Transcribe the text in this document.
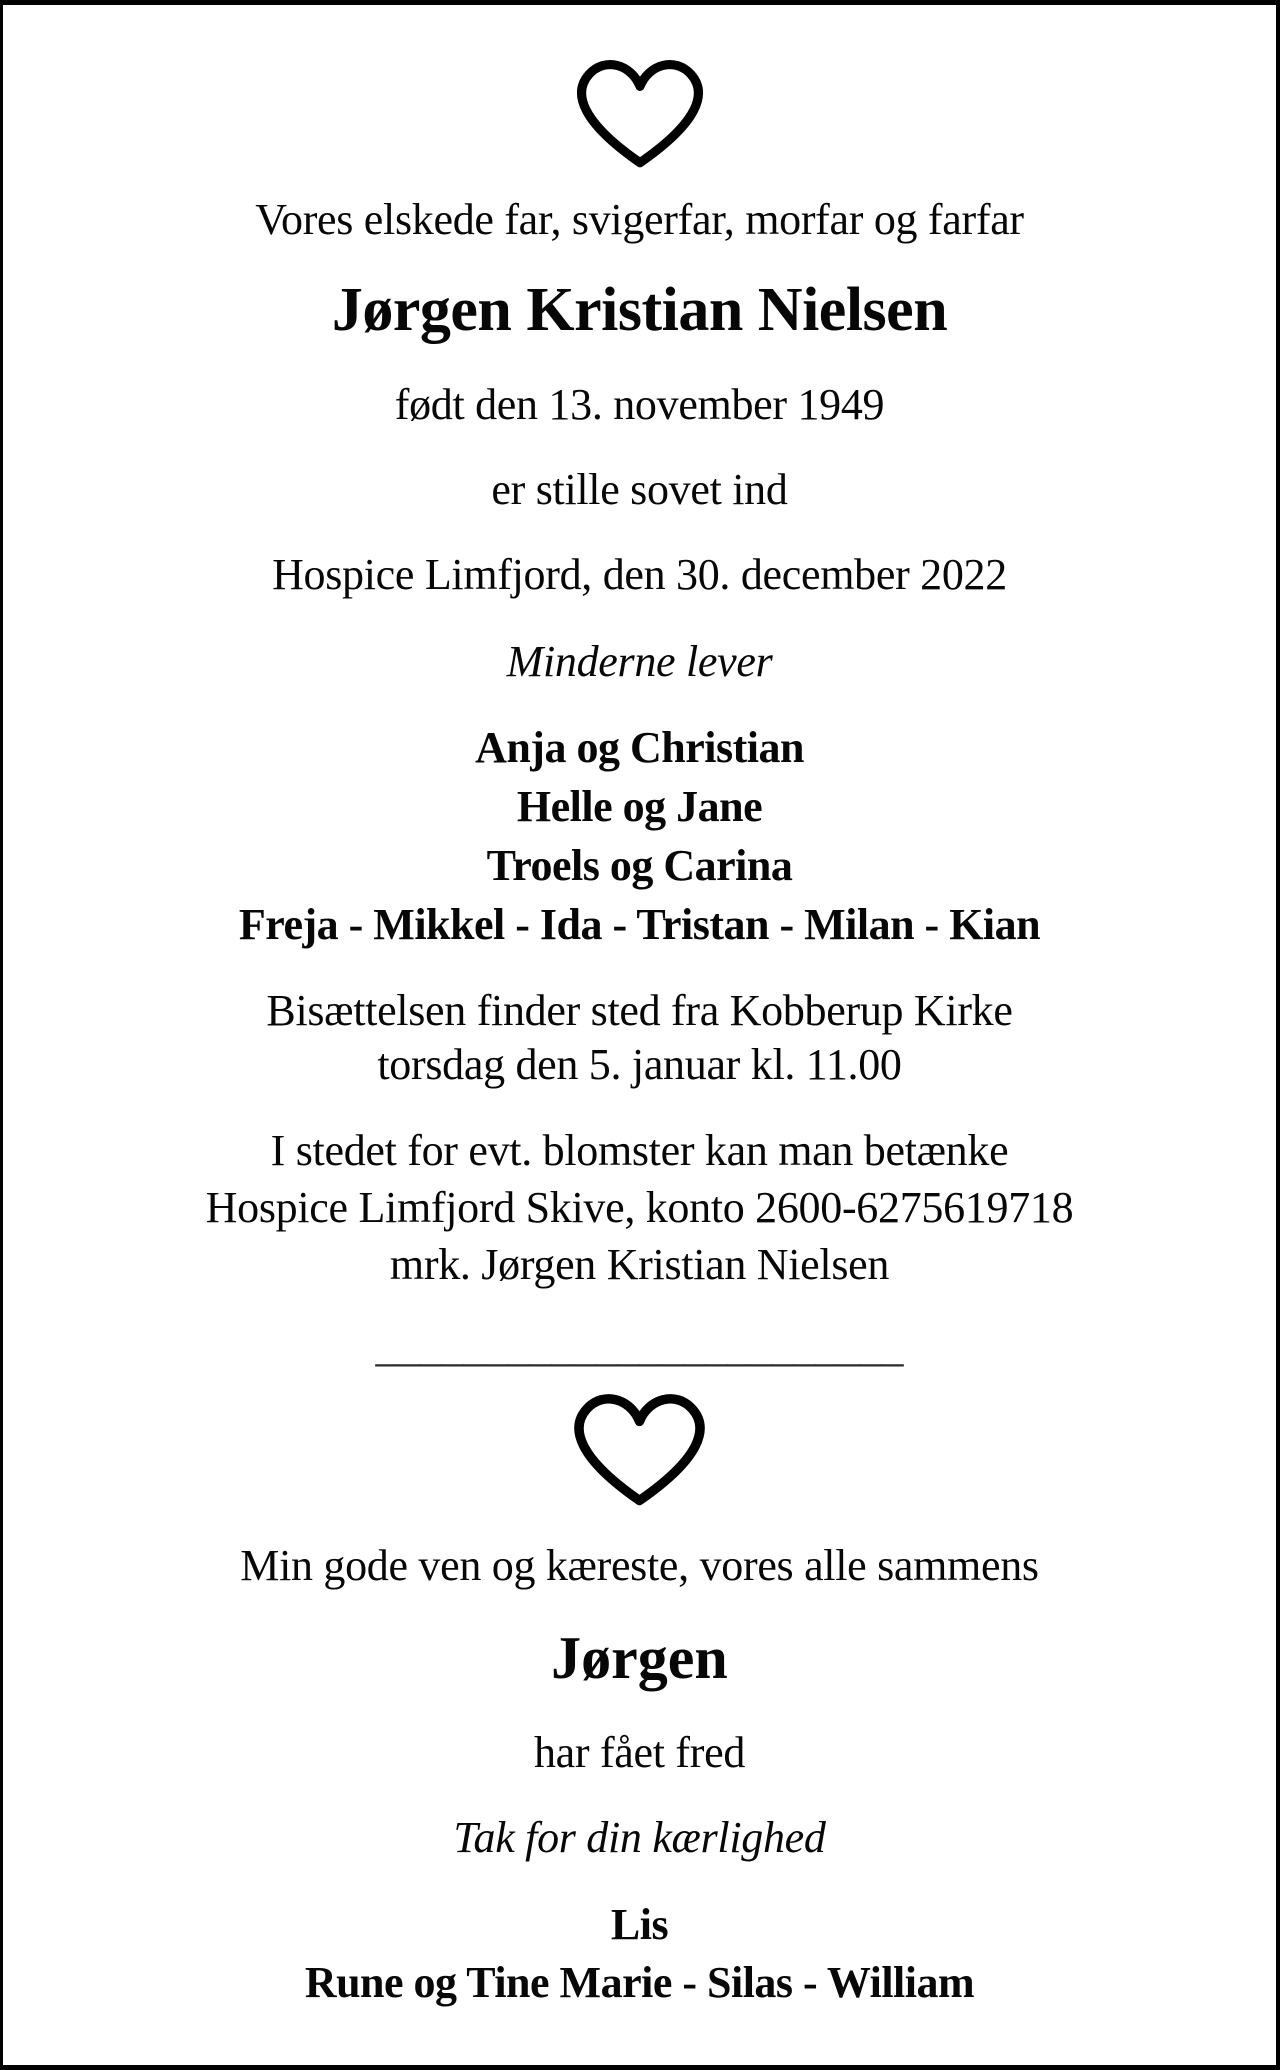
Vores elskede far, svigerfar, morfar og farfar
Jørgen Kristian Nielsen
født den 13. november 1949
er stille sovet ind
Hospice Limfjord, den 30. december 2022
Minderne lever
Anja og Christian
Helle og Jane
Troels og Carina
Freja - Mikkel - Ida - Tristan - Milan - Kian
Bisættelsen finder sted fra Kobberup Kirke
torsdag den 5. januar kl. 11.00
I stedet for evt. blomster kan man betænke
Hospice Limfjord Skive, konto 2600-6275619718
mrk. Jørgen Kristian Nielsen
________________________
Min gode ven og kæreste, vores alle sammens
Jørgen
har fået fred
Tak for din kærlighed
Lis
Rune og Tine Marie - Silas - William
